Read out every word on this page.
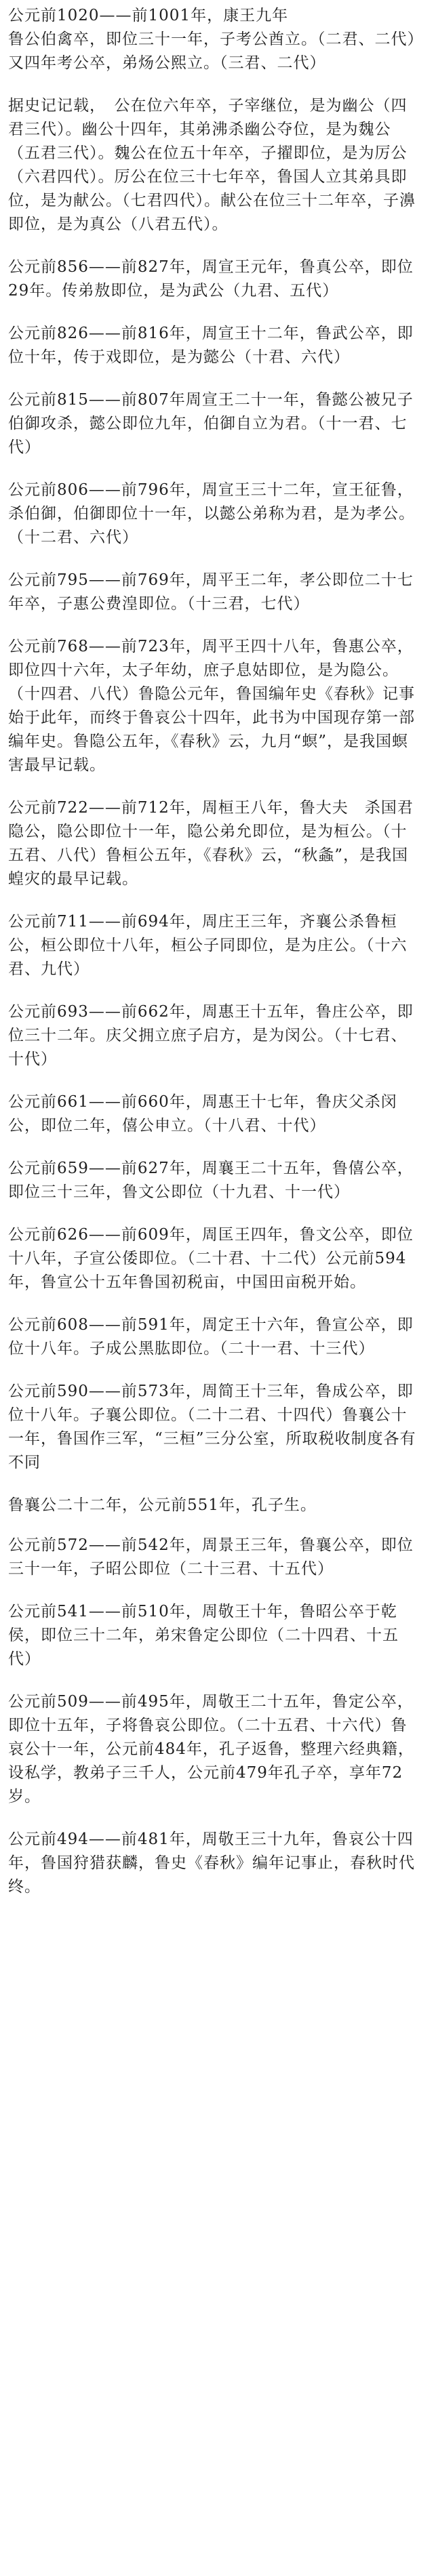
公元前1020——前1001年，康王九年
鲁公伯禽卒，即位三十一年，子考公酋立。（二君、二代）又四年考公卒，弟炀公熙立。（三君、二代）

据史记记载，　公在位六年卒，子宰继位，是为幽公（四君三代）。幽公十四年，其弟沸杀幽公夺位，是为魏公（五君三代）。魏公在位五十年卒，子擢即位，是为厉公（六君四代）。厉公在位三十七年卒，鲁国人立其弟具即位，是为献公。（七君四代）。献公在位三十二年卒，子濞即位，是为真公（八君五代）。

公元前856——前827年，周宣王元年，鲁真公卒，即位29年。传弟敖即位，是为武公（九君、五代）

公元前826——前816年，周宣王十二年，鲁武公卒，即位十年，传于戏即位，是为懿公（十君、六代）

公元前815——前807年周宣王二十一年，鲁懿公被兄子伯御攻杀，懿公即位九年，伯御自立为君。（十一君、七代）

公元前806——前796年，周宣王三十二年，宣王征鲁，杀伯御，伯御即位十一年，以懿公弟称为君，是为孝公。（十二君、六代）

公元前795——前769年，周平王二年，孝公即位二十七年卒，子惠公费湟即位。（十三君，七代）

公元前768——前723年，周平王四十八年，鲁惠公卒，即位四十六年，太子年幼，庶子息姑即位，是为隐公。（十四君、八代）鲁隐公元年，鲁国编年史《春秋》记事始于此年，而终于鲁哀公十四年，此书为中国现存第一部编年史。鲁隐公五年，《春秋》云，九月“螟”，是我国螟害最早记载。

公元前722——前712年，周桓王八年，鲁大夫　杀国君隐公，隐公即位十一年，隐公弟允即位，是为桓公。（十五君、八代）鲁桓公五年，《春秋》云，“秋螽”，是我国蝗灾的最早记载。

公元前711——前694年，周庄王三年，齐襄公杀鲁桓公，桓公即位十八年，桓公子同即位，是为庄公。（十六君、九代）

公元前693——前662年，周惠王十五年，鲁庄公卒，即位三十二年。庆父拥立庶子启方，是为闵公。（十七君、十代）

公元前661——前660年，周惠王十七年，鲁庆父杀闵公，即位二年，僖公申立。（十八君、十代）

公元前659——前627年，周襄王二十五年，鲁僖公卒，即位三十三年，鲁文公即位（十九君、十一代）

公元前626——前609年，周匡王四年，鲁文公卒，即位十八年，子宣公倭即位。（二十君、十二代）公元前594年，鲁宣公十五年鲁国初税亩，中国田亩税开始。

公元前608——前591年，周定王十六年，鲁宣公卒，即位十八年。子成公黑肱即位。（二十一君、十三代）

公元前590——前573年，周简王十三年，鲁成公卒，即位十八年。子襄公即位。（二十二君、十四代）鲁襄公十一年，鲁国作三军，“三桓”三分公室，所取税收制度各有不同

鲁襄公二十二年，公元前551年，孔子生。

公元前572——前542年，周景王三年，鲁襄公卒，即位三十一年，子昭公即位（二十三君、十五代）

公元前541——前510年，周敬王十年，鲁昭公卒于乾侯，即位三十二年，弟宋鲁定公即位（二十四君、十五代）

公元前509——前495年，周敬王二十五年，鲁定公卒，即位十五年，子将鲁哀公即位。（二十五君、十六代）鲁哀公十一年，公元前484年，孔子返鲁，整理六经典籍，设私学，教弟子三千人，公元前479年孔子卒，享年72岁。

公元前494——前481年，周敬王三十九年，鲁哀公十四年，鲁国狩猎获麟，鲁史《春秋》编年记事止，春秋时代终。
